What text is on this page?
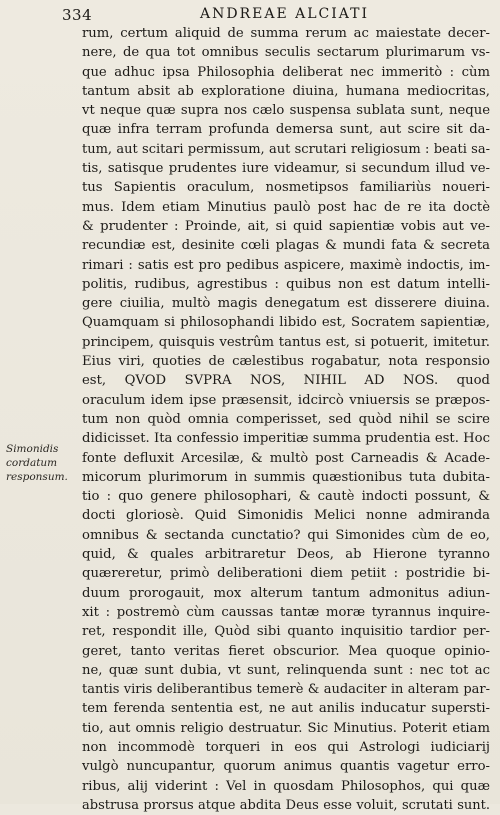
334	ANDREAE ALCIATI
Simonidis
cordatum
responsum.
rum, certum aliquid de summa rerum ac maiestate decer-
nere, de qua tot omnibus seculis sectarum plurimarum vs-
que adhuc ipsa Philosophia deliberat nec immeritò : cùm
tantum absit ab exploratione diuina, humana mediocritas,
vt neque quæ supra nos cælo suspensa sublata sunt, neque
quæ infra terram profunda demersa sunt, aut scire sit da-
tum, aut scitari permissum, aut scrutari religiosum : beati sa-
tis, satisque prudentes iure videamur, si secundum illud ve-
tus Sapientis oraculum, nosmetipsos familiariùs noueri-
mus. Idem etiam Minutius paulò post hac de re ita doctè
& prudenter : Proinde, ait, si quid sapientiæ vobis aut ve-
recundiæ est, desinite cœli plagas & mundi fata & secreta
rimari : satis est pro pedibus aspicere, maximè indoctis, im-
politis, rudibus, agrestibus : quibus non est datum intelli-
gere ciuilia, multò magis denegatum est disserere diuina.
Quamquam si philosophandi libido est, Socratem sapientiæ,
principem, quisquis vestrûm tantus est, si potuerit, imitetur.
Eius viri, quoties de cælestibus rogabatur, nota responsio
est, QVOD SVPRA NOS, NIHIL AD NOS. quod
oraculum idem ipse præsensit, idcircò vniuersis se præpos-
tum non quòd omnia comperisset, sed quòd nihil se scire
didicisset. Ita confessio imperitiæ summa prudentia est. Hoc
fonte defluxit Arcesilæ, & multò post Carneadis & Acade-
micorum plurimorum in summis quæstionibus tuta dubita-
tio : quo genere philosophari, & cautè indocti possunt, &
docti gloriosè. Quid Simonidis Melici nonne admiranda
omnibus & sectanda cunctatio? qui Simonides cùm de eo,
quid, & quales arbitraretur Deos, ab Hierone tyranno
quæreretur, primò deliberationi diem petiit : postridie bi-
duum prorogauit, mox alterum tantum admonitus adiun-
xit : postremò cùm caussas tantæ moræ tyrannus inquire-
ret, respondit ille, Quòd sibi quanto inquisitio tardior per-
geret, tanto veritas fieret obscurior. Mea quoque opinio-
ne, quæ sunt dubia, vt sunt, relinquenda sunt : nec tot ac
tantis viris deliberantibus temerè & audaciter in alteram par-
tem ferenda sententia est, ne aut anilis inducatur supersti-
tio, aut omnis religio destruatur. Sic Minutius. Poterit etiam
non incommodè torqueri in eos qui Astrologi iudiciarij
vulgò nuncupantur, quorum animus quantis vagetur erro-
ribus, alij viderint : Vel in quosdam Philosophos, qui quæ
abstrusa prorsus atque abdita Deus esse voluit, scrutati sunt.
